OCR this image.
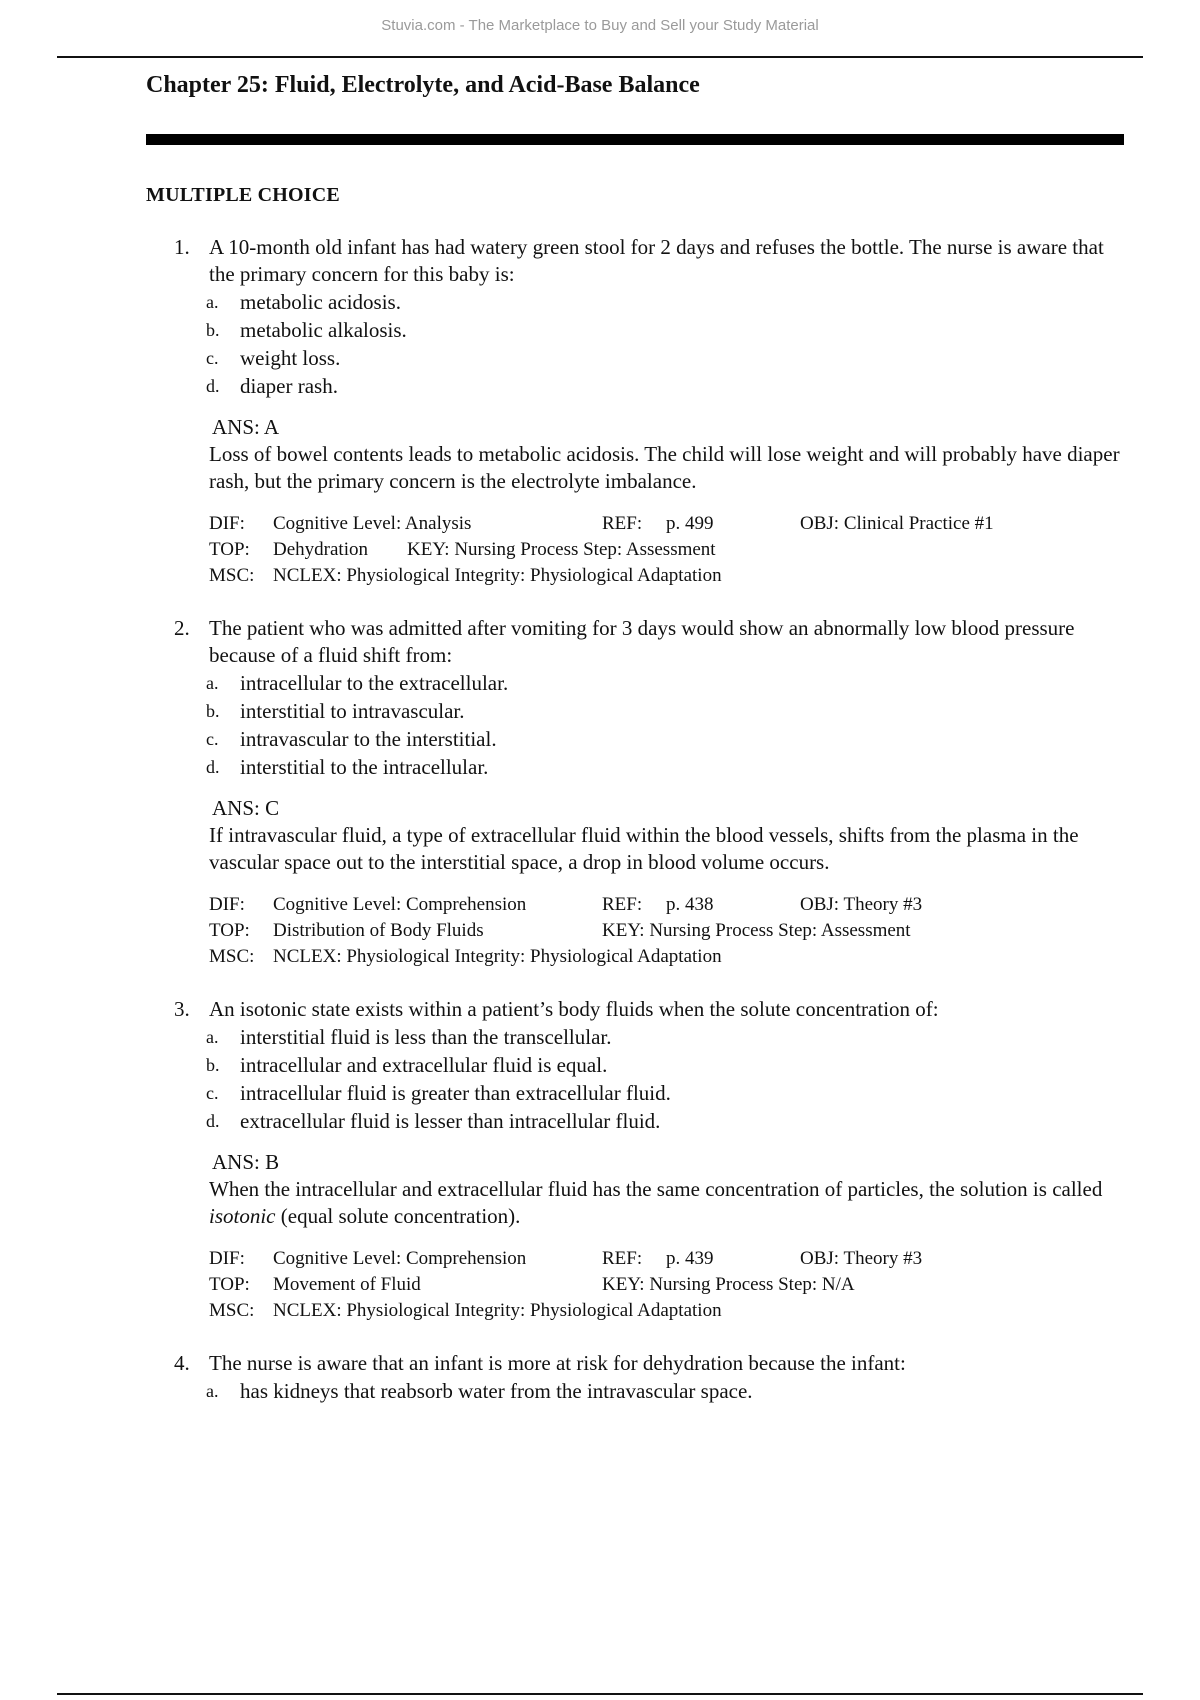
Stuvia.com - The Marketplace to Buy and Sell your Study Material
Chapter 25: Fluid, Electrolyte, and Acid-Base Balance
MULTIPLE CHOICE
1. A 10-month old infant has had watery green stool for 2 days and refuses the bottle. The nurse is aware that the primary concern for this baby is:
a. metabolic acidosis.
b. metabolic alkalosis.
c. weight loss.
d. diaper rash.
ANS: A
Loss of bowel contents leads to metabolic acidosis. The child will lose weight and will probably have diaper rash, but the primary concern is the electrolyte imbalance.
DIF: Cognitive Level: Analysis	REF: p. 499	OBJ: Clinical Practice #1
TOP: Dehydration KEY: Nursing Process Step: Assessment
MSC: NCLEX: Physiological Integrity: Physiological Adaptation
2. The patient who was admitted after vomiting for 3 days would show an abnormally low blood pressure because of a fluid shift from:
a. intracellular to the extracellular.
b. interstitial to intravascular.
c. intravascular to the interstitial.
d. interstitial to the intracellular.
ANS: C
If intravascular fluid, a type of extracellular fluid within the blood vessels, shifts from the plasma in the vascular space out to the interstitial space, a drop in blood volume occurs.
DIF: Cognitive Level: Comprehension	REF: p. 438	OBJ: Theory #3
TOP: Distribution of Body Fluids	KEY: Nursing Process Step: Assessment
MSC: NCLEX: Physiological Integrity: Physiological Adaptation
3. An isotonic state exists within a patient’s body fluids when the solute concentration of:
a. interstitial fluid is less than the transcellular.
b. intracellular and extracellular fluid is equal.
c. intracellular fluid is greater than extracellular fluid.
d. extracellular fluid is lesser than intracellular fluid.
ANS: B
When the intracellular and extracellular fluid has the same concentration of particles, the solution is called isotonic (equal solute concentration).
DIF: Cognitive Level: Comprehension	REF: p. 439	OBJ: Theory #3
TOP: Movement of Fluid	KEY: Nursing Process Step: N/A
MSC: NCLEX: Physiological Integrity: Physiological Adaptation
4. The nurse is aware that an infant is more at risk for dehydration because the infant:
a. has kidneys that reabsorb water from the intravascular space.
